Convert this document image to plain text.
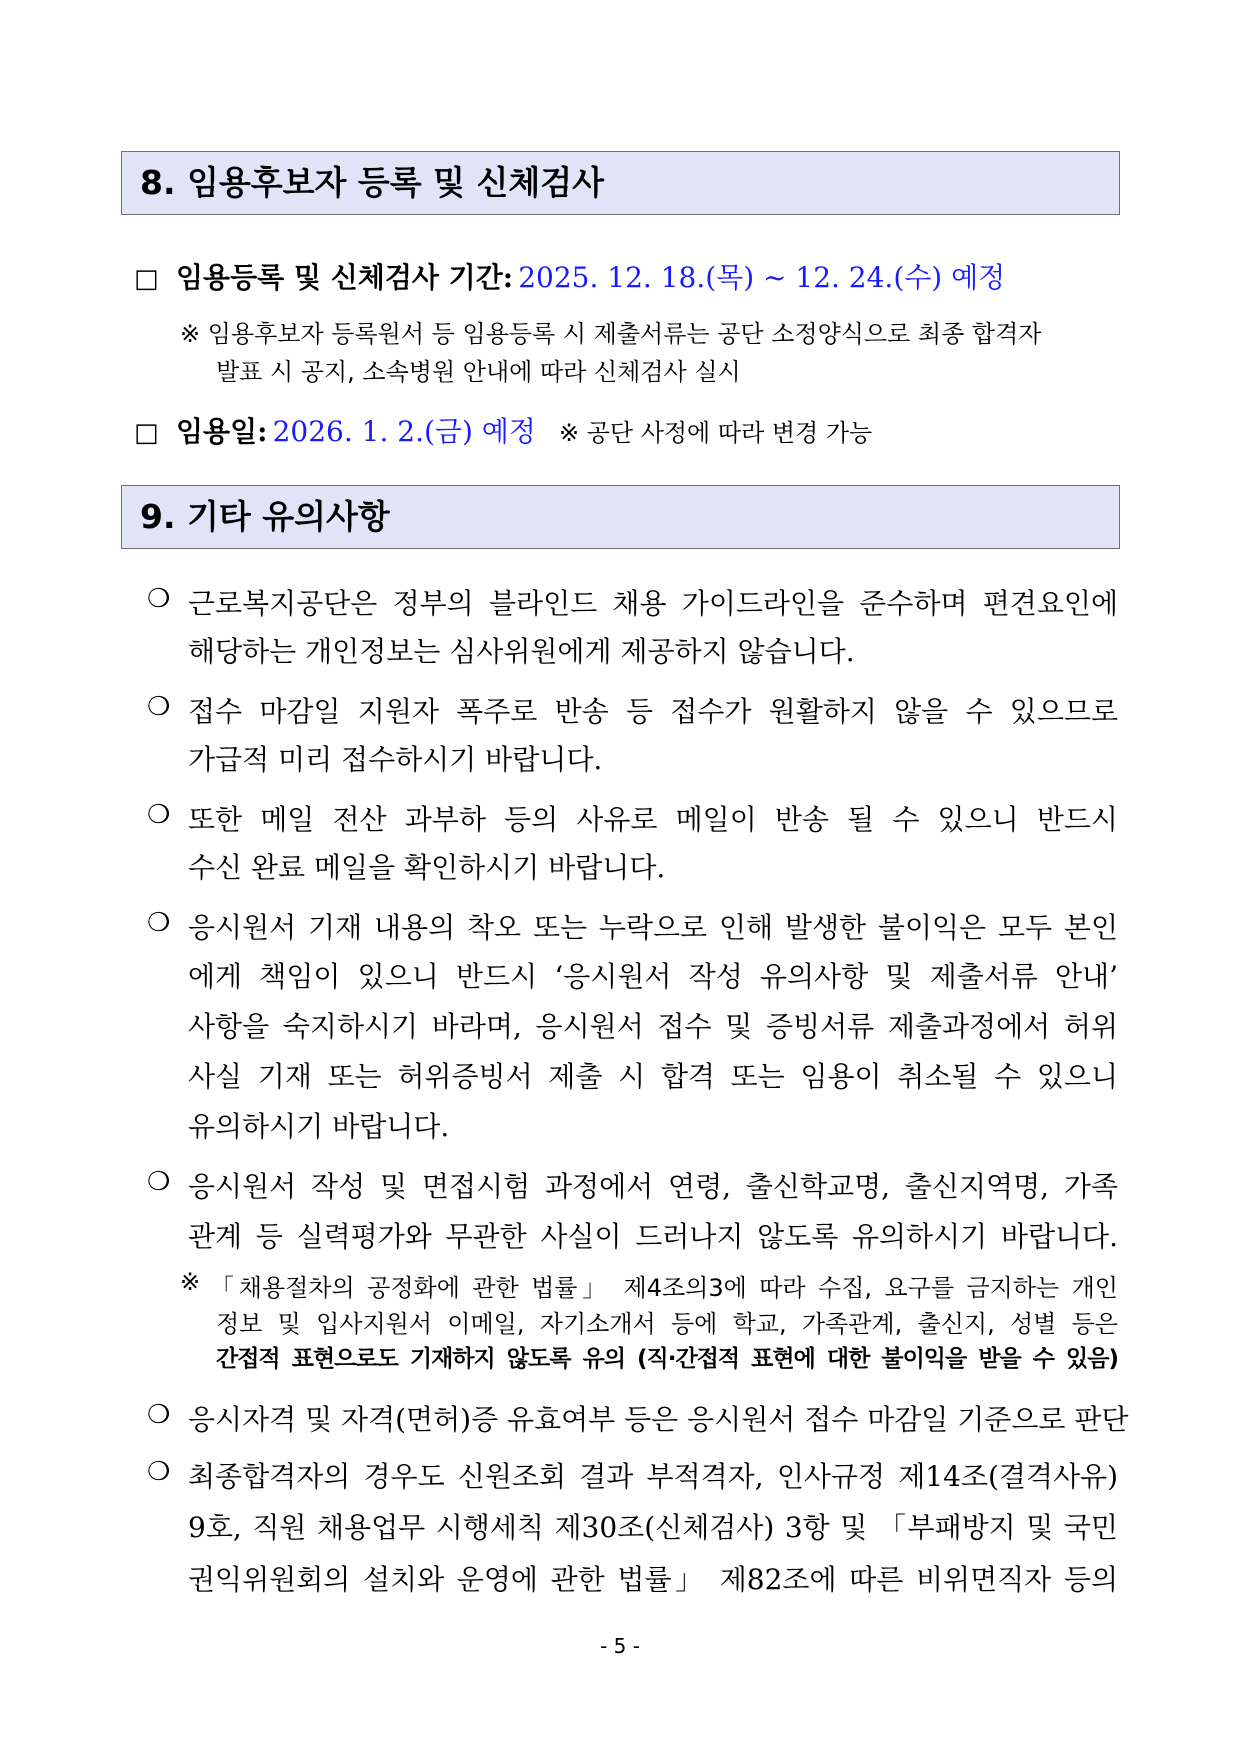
8. 임용후보자 등록 및 신체검사
□ 임용등록 및 신체검사 기간: 2025. 12. 18.(목) ~ 12. 24.(수) 예정
※ 임용후보자 등록원서 등 임용등록 시 제출서류는 공단 소정양식으로 최종 합격자
발표 시 공지, 소속병원 안내에 따라 신체검사 실시
□ 임용일: 2026. 1. 2.(금) 예정 ※ 공단 사정에 따라 변경 가능
9. 기타 유의사항
❍ 근로복지공단은 정부의 블라인드 채용 가이드라인을 준수하며 편견요인에
해당하는 개인정보는 심사위원에게 제공하지 않습니다.
❍ 접수 마감일 지원자 폭주로 반송 등 접수가 원활하지 않을 수 있으므로
가급적 미리 접수하시기 바랍니다.
❍ 또한 메일 전산 과부하 등의 사유로 메일이 반송 될 수 있으니 반드시
수신 완료 메일을 확인하시기 바랍니다.
❍ 응시원서 기재 내용의 착오 또는 누락으로 인해 발생한 불이익은 모두 본인
에게 책임이 있으니 반드시 ‘응시원서 작성 유의사항 및 제출서류 안내’
사항을 숙지하시기 바라며, 응시원서 접수 및 증빙서류 제출과정에서 허위
사실 기재 또는 허위증빙서 제출 시 합격 또는 임용이 취소될 수 있으니
유의하시기 바랍니다.
❍ 응시원서 작성 및 면접시험 과정에서 연령, 출신학교명, 출신지역명, 가족
관계 등 실력평가와 무관한 사실이 드러나지 않도록 유의하시기 바랍니다.
※ 「채용절차의 공정화에 관한 법률」 제4조의3에 따라 수집, 요구를 금지하는 개인
정보 및 입사지원서 이메일, 자기소개서 등에 학교, 가족관계, 출신지, 성별 등은
간접적 표현으로도 기재하지 않도록 유의 (직·간접적 표현에 대한 불이익을 받을 수 있음)
❍ 응시자격 및 자격(면허)증 유효여부 등은 응시원서 접수 마감일 기준으로 판단
❍ 최종합격자의 경우도 신원조회 결과 부적격자, 인사규정 제14조(결격사유)
9호, 직원 채용업무 시행세칙 제30조(신체검사) 3항 및 「부패방지 및 국민
권익위원회의 설치와 운영에 관한 법률」 제82조에 따른 비위면직자 등의
- 5 -
